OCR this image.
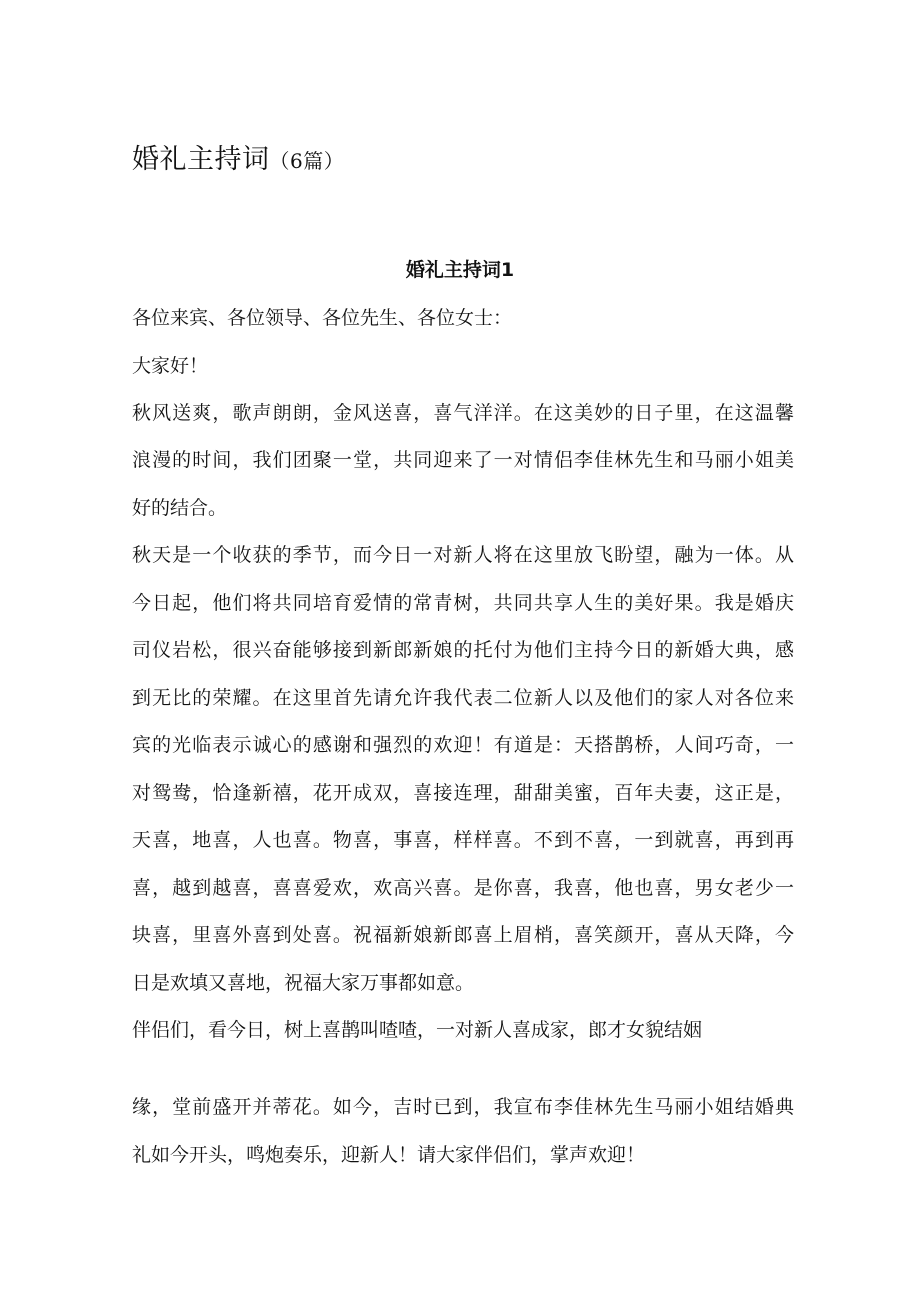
婚礼主持词（6篇）
婚礼主持词1
各位来宾、各位领导、各位先生、各位女士：
大家好！
秋风送爽，歌声朗朗，金风送喜，喜气洋洋。在这美妙的日子里，在这温馨
浪漫的时间，我们团聚一堂，共同迎来了一对情侣李佳林先生和马丽小姐美
好的结合。
秋天是一个收获的季节，而今日一对新人将在这里放飞盼望，融为一体。从
今日起，他们将共同培育爱情的常青树，共同共享人生的美好果。我是婚庆
司仪岩松，很兴奋能够接到新郎新娘的托付为他们主持今日的新婚大典，感
到无比的荣耀。在这里首先请允许我代表二位新人以及他们的家人对各位来
宾的光临表示诚心的感谢和强烈的欢迎！有道是：天搭鹊桥，人间巧奇，一
对鸳鸯，恰逢新禧，花开成双，喜接连理，甜甜美蜜，百年夫妻，这正是，
天喜，地喜，人也喜。物喜，事喜，样样喜。不到不喜，一到就喜，再到再
喜，越到越喜，喜喜爱欢，欢高兴喜。是你喜，我喜，他也喜，男女老少一
块喜，里喜外喜到处喜。祝福新娘新郎喜上眉梢，喜笑颜开，喜从天降，今
日是欢填又喜地，祝福大家万事都如意。
伴侣们，看今日，树上喜鹊叫喳喳，一对新人喜成家，郎才女貌结姻
缘，堂前盛开并蒂花。如今，吉时已到，我宣布李佳林先生马丽小姐结婚典
礼如今开头，鸣炮奏乐，迎新人！请大家伴侣们，掌声欢迎！
